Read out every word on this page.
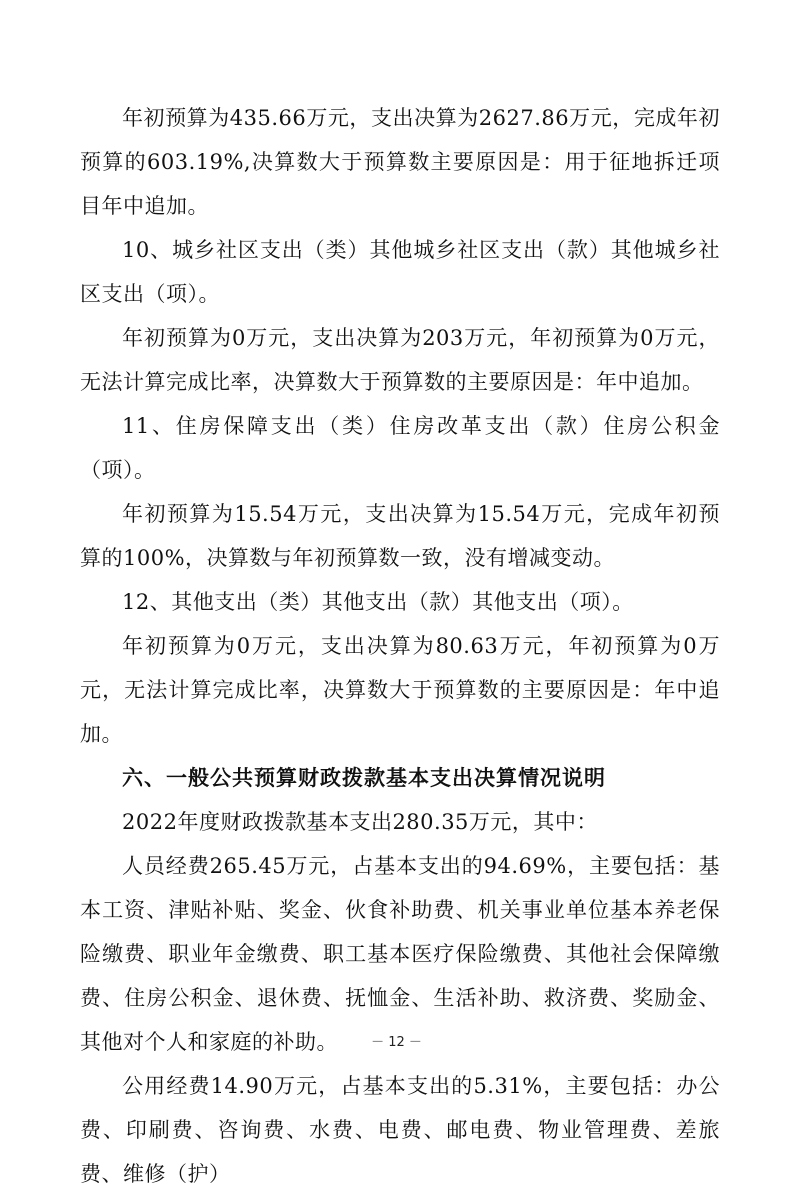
年初预算为435.66万元，支出决算为2627.86万元，完成年初预算的603.19%,决算数大于预算数主要原因是：用于征地拆迁项目年中追加。

10、城乡社区支出（类）其他城乡社区支出（款）其他城乡社区支出（项）。

年初预算为0万元，支出决算为203万元，年初预算为0万元，无法计算完成比率，决算数大于预算数的主要原因是：年中追加。

11、住房保障支出（类）住房改革支出（款）住房公积金（项）。

年初预算为15.54万元，支出决算为15.54万元，完成年初预算的100%，决算数与年初预算数一致，没有增减变动。

12、其他支出（类）其他支出（款）其他支出（项）。

年初预算为0万元，支出决算为80.63万元，年初预算为0万元，无法计算完成比率，决算数大于预算数的主要原因是：年中追加。

六、一般公共预算财政拨款基本支出决算情况说明

2022年度财政拨款基本支出280.35万元，其中：

人员经费265.45万元，占基本支出的94.69%，主要包括：基本工资、津贴补贴、奖金、伙食补助费、机关事业单位基本养老保险缴费、职业年金缴费、职工基本医疗保险缴费、其他社会保障缴费、住房公积金、退休费、抚恤金、生活补助、救济费、奖励金、其他对个人和家庭的补助。

公用经费14.90万元，占基本支出的5.31%，主要包括：办公费、印刷费、咨询费、水费、电费、邮电费、物业管理费、差旅费、维修（护）

－ 12 －
